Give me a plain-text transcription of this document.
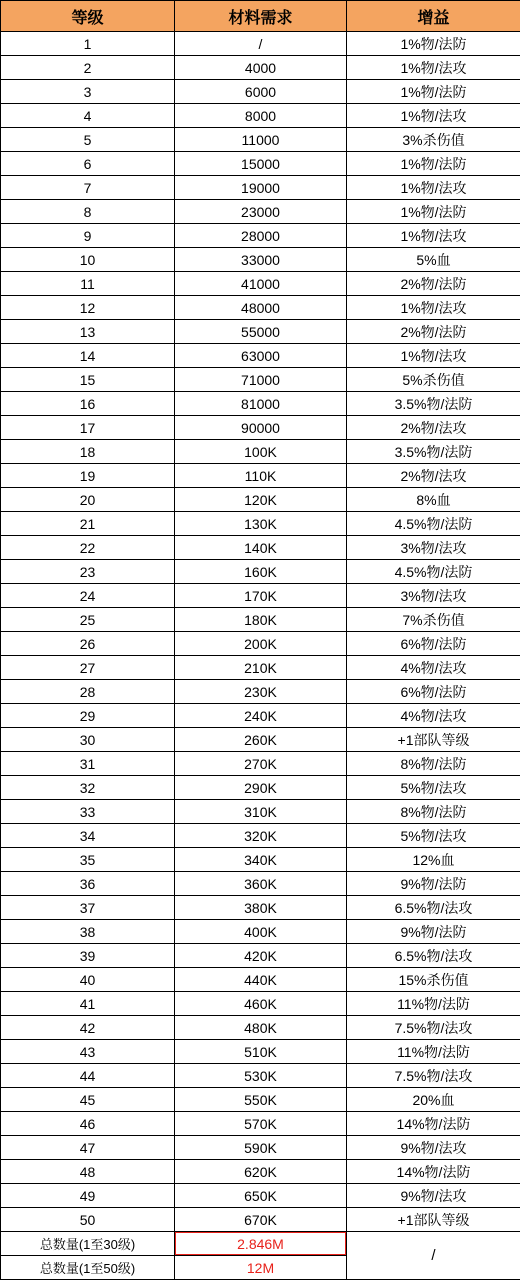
等级	材料需求	增益
1	/	1%物/法防
2	4000	1%物/法攻
3	6000	1%物/法防
4	8000	1%物/法攻
5	11000	3%杀伤值
6	15000	1%物/法防
7	19000	1%物/法攻
8	23000	1%物/法防
9	28000	1%物/法攻
10	33000	5%血
11	41000	2%物/法防
12	48000	1%物/法攻
13	55000	2%物/法防
14	63000	1%物/法攻
15	71000	5%杀伤值
16	81000	3.5%物/法防
17	90000	2%物/法攻
18	100K	3.5%物/法防
19	110K	2%物/法攻
20	120K	8%血
21	130K	4.5%物/法防
22	140K	3%物/法攻
23	160K	4.5%物/法防
24	170K	3%物/法攻
25	180K	7%杀伤值
26	200K	6%物/法防
27	210K	4%物/法攻
28	230K	6%物/法防
29	240K	4%物/法攻
30	260K	+1部队等级
31	270K	8%物/法防
32	290K	5%物/法攻
33	310K	8%物/法防
34	320K	5%物/法攻
35	340K	12%血
36	360K	9%物/法防
37	380K	6.5%物/法攻
38	400K	9%物/法防
39	420K	6.5%物/法攻
40	440K	15%杀伤值
41	460K	11%物/法防
42	480K	7.5%物/法攻
43	510K	11%物/法防
44	530K	7.5%物/法攻
45	550K	20%血
46	570K	14%物/法防
47	590K	9%物/法攻
48	620K	14%物/法防
49	650K	9%物/法攻
50	670K	+1部队等级
总数量(1至30级)	2.846M	/
总数量(1至50级)	12M	
